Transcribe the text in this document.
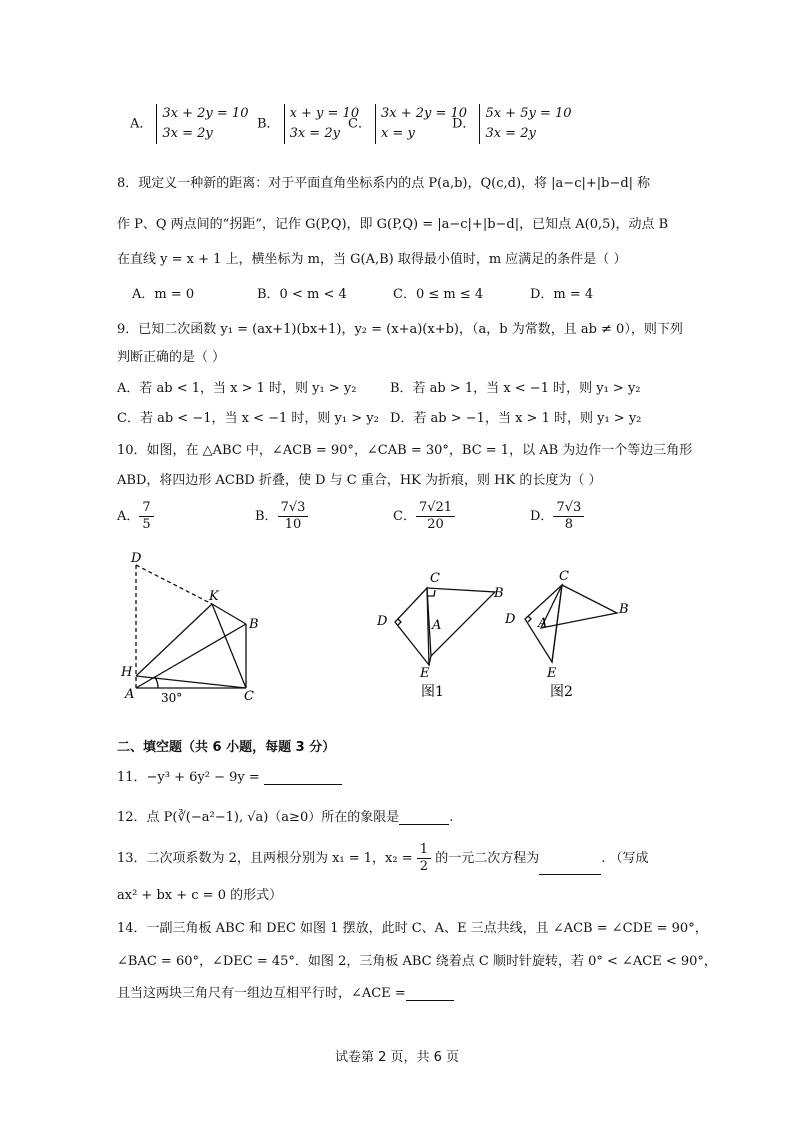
A．
3x + 2y = 10
3x = 2y
B．
x + y = 10
3x = 2y
C．
3x + 2y = 10
x = y
D．
5x + 5y = 10
3x = 2y
8．现定义一种新的距离：对于平面直角坐标系内的点 P(a,b)，Q(c,d)，将 |a−c|+|b−d| 称
作 P、Q 两点间的“拐距”，记作 G(P,Q)，即 G(P,Q) = |a−c|+|b−d|，已知点 A(0,5)，动点 B
在直线 y = x + 1 上，横坐标为 m，当 G(A,B) 取得最小值时，m 应满足的条件是（ ）
A．m = 0	B．0 < m < 4	C．0 ≤ m ≤ 4	D．m = 4
9．已知二次函数 y₁ = (ax+1)(bx+1)，y₂ = (x+a)(x+b)，（a，b 为常数，且 ab ≠ 0），则下列
判断正确的是（ ）
A．若 ab < 1，当 x > 1 时，则 y₁ > y₂	B．若 ab > 1，当 x < −1 时，则 y₁ > y₂
C．若 ab < −1，当 x < −1 时，则 y₁ > y₂ D．若 ab > −1，当 x > 1 时，则 y₁ > y₂
10．如图，在 △ABC 中，∠ACB = 90°，∠CAB = 30°，BC = 1，以 AB 为边作一个等边三角形
ABD，将四边形 ACBD 折叠，使 D 与 C 重合，HK 为折痕，则 HK 的长度为（ ）
A． $\frac{7}{5}$	B． $\frac{7√3}{10}$	C． $\frac{7√21}{20}$	D． $\frac{7√3}{8}$
D
K
B
H
A	C
30°
C
B
D	A
E
图1
C
B
D A
E
图2
二、填空题（共 6 小题，每题 3 分）
11．−y³ + 6y² − 9y =
12．点 P(∛(−a²−1), √a)（a≥0）所在的象限是	.
13．二次项系数为 2，且两根分别为 x₁ = 1，$x_2 = \frac{1}{2}$ 的一元二次方程为	. （写成
ax² + bx + c = 0 的形式）
14．一副三角板 ABC 和 DEC 如图 1 摆放，此时 C、A、E 三点共线，且 ∠ACB = ∠CDE = 90°，
∠BAC = 60°，∠DEC = 45°．如图 2，三角板 ABC 绕着点 C 顺时针旋转，若 0° < ∠ACE < 90°，
且当这两块三角尺有一组边互相平行时，∠ACE =
试卷第 2 页，共 6 页
